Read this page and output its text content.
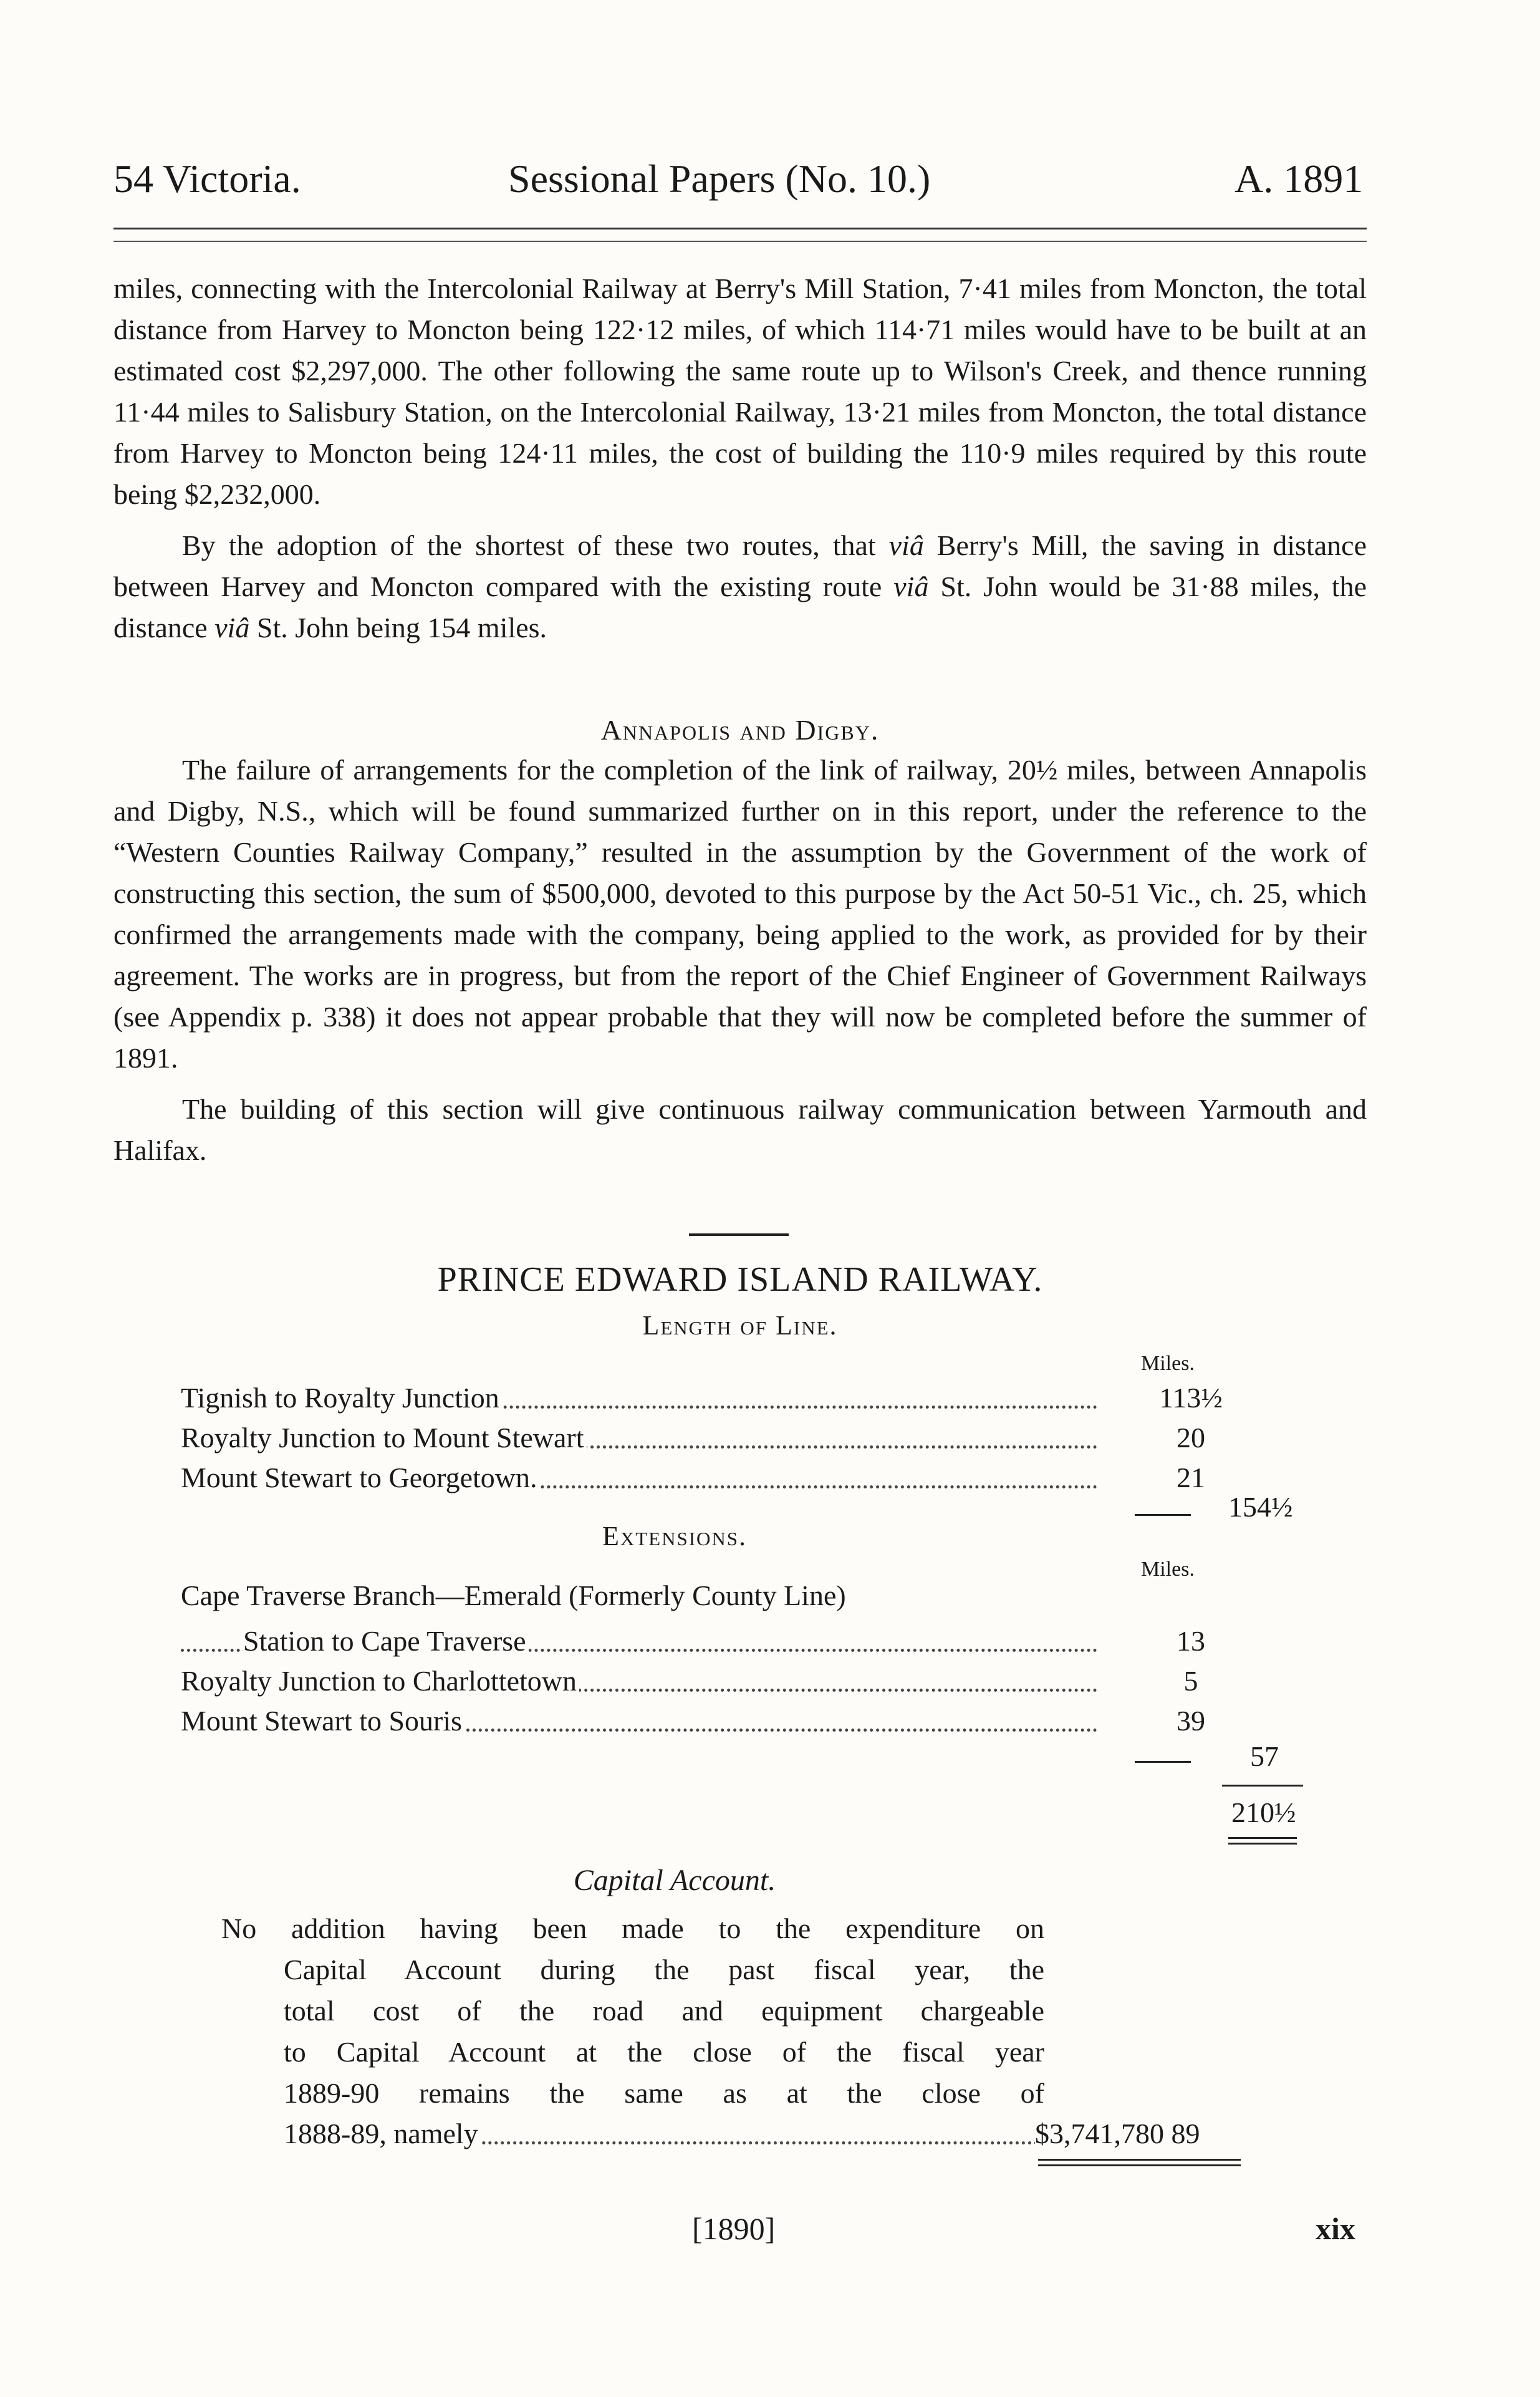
54 Victoria.	Sessional Papers (No. 10.)	A. 1891

miles, connecting with the Intercolonial Railway at Berry's Mill Station, 7·41 miles from Moncton, the total distance from Harvey to Moncton being 122·12 miles, of which 114·71 miles would have to be built at an estimated cost $2,297,000. The other following the same route up to Wilson's Creek, and thence running 11·44 miles to Salisbury Station, on the Intercolonial Railway, 13·21 miles from Moncton, the total distance from Harvey to Moncton being 124·11 miles, the cost of building the 110·9 miles required by this route being $2,232,000.

By the adoption of the shortest of these two routes, that viâ Berry's Mill, the saving in distance between Harvey and Moncton compared with the existing route viâ St. John would be 31·88 miles, the distance viâ St. John being 154 miles.

Annapolis and Digby.

The failure of arrangements for the completion of the link of railway, 20½ miles, between Annapolis and Digby, N.S., which will be found summarized further on in this report, under the reference to the “Western Counties Railway Company,” resulted in the assumption by the Government of the work of constructing this section, the sum of $500,000, devoted to this purpose by the Act 50-51 Vic., ch. 25, which confirmed the arrangements made with the company, being applied to the work, as provided for by their agreement. The works are in progress, but from the report of the Chief Engineer of Government Railways (see Appendix p. 338) it does not appear probable that they will now be completed before the summer of 1891.

The building of this section will give continuous railway communication between Yarmouth and Halifax.

PRINCE EDWARD ISLAND RAILWAY.
Length of Line.
Miles.
Tignish to Royalty Junction	113½
Royalty Junction to Mount Stewart	20
Mount Stewart to Georgetown.	21
154½
Extensions.
Miles.
Cape Traverse Branch—Emerald (Formerly County Line)
Station to Cape Traverse	13
Royalty Junction to Charlottetown	5
Mount Stewart to Souris	39
57
210½
Capital Account.
No addition having been made to the expenditure on
Capital Account during the past fiscal year, the
total cost of the road and equipment chargeable
to Capital Account at the close of the fiscal year
1889-90 remains the same as at the close of
1888-89, namely	$3,741,780 89
[1890]	xix
